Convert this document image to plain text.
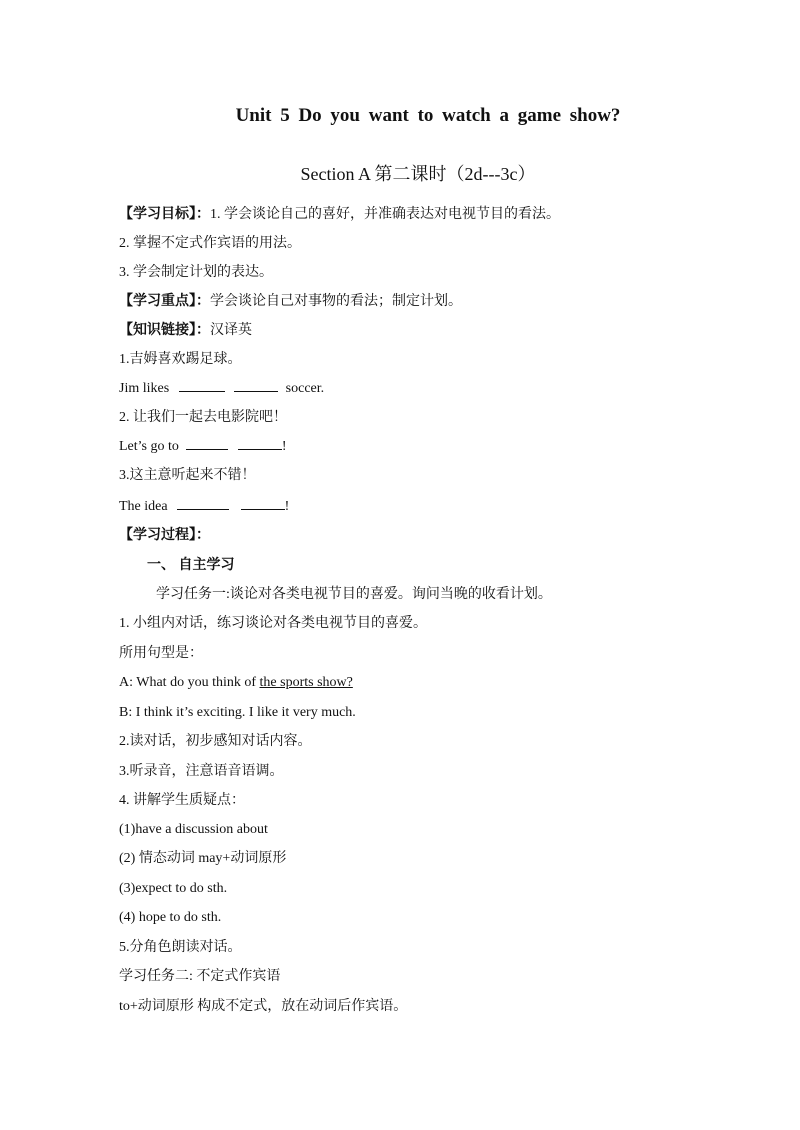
Unit 5 Do you want to watch a game show?
Section A 第二课时（2d---3c）
【学习目标】：1. 学会谈论自己的喜好，并准确表达对电视节目的看法。
2. 掌握不定式作宾语的用法。
3. 学会制定计划的表达。
【学习重点】：学会谈论自己对事物的看法；制定计划。
【知识链接】：汉译英
1.吉姆喜欢踢足球。
Jim likes	soccer.
2. 让我们一起去电影院吧！
Let’s go to	!
3.这主意听起来不错！
The idea	!
【学习过程】：
一、 自主学习
学习任务一:谈论对各类电视节目的喜爱。询问当晚的收看计划。
1. 小组内对话，练习谈论对各类电视节目的喜爱。
所用句型是：
A: What do you think of the sports show?
B: I think it’s exciting. I like it very much.
2.读对话，初步感知对话内容。
3.听录音，注意语音语调。
4. 讲解学生质疑点：
(1)have a discussion about
(2) 情态动词 may+动词原形
(3)expect to do sth.
(4) hope to do sth.
5.分角色朗读对话。
学习任务二: 不定式作宾语
to+动词原形 构成不定式，放在动词后作宾语。
